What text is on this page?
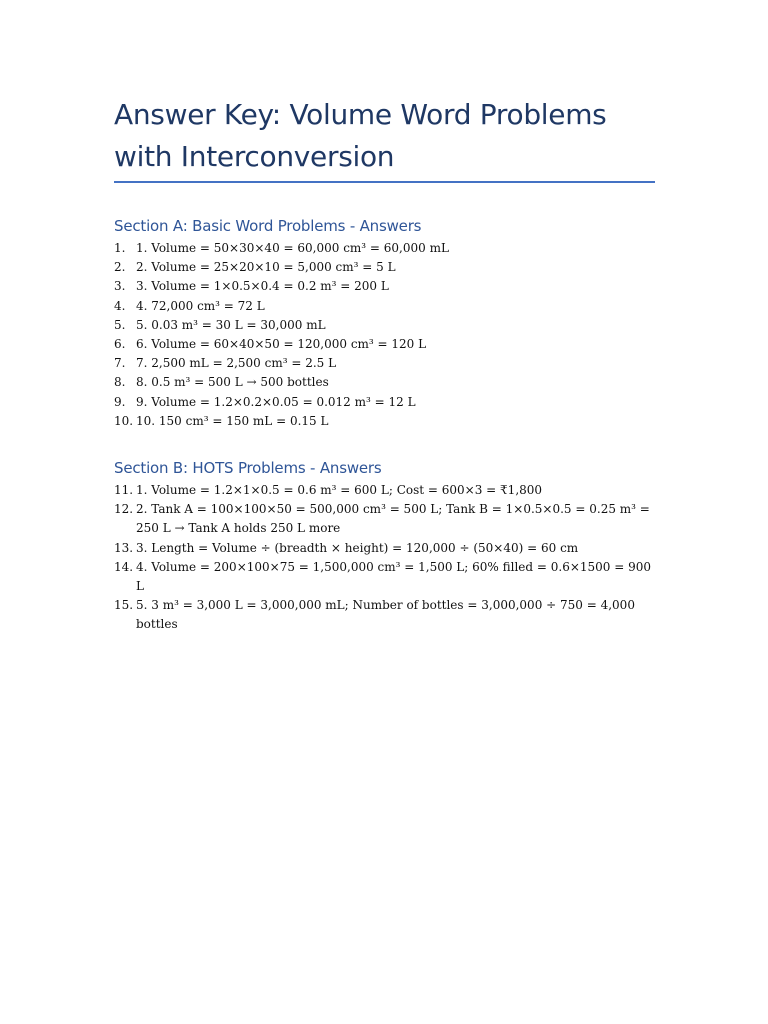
Answer Key: Volume Word Problems with Interconversion
Section A: Basic Word Problems - Answers
1. 1. Volume = 50×30×40 = 60,000 cm³ = 60,000 mL
2. 2. Volume = 25×20×10 = 5,000 cm³ = 5 L
3. 3. Volume = 1×0.5×0.4 = 0.2 m³ = 200 L
4. 4. 72,000 cm³ = 72 L
5. 5. 0.03 m³ = 30 L = 30,000 mL
6. 6. Volume = 60×40×50 = 120,000 cm³ = 120 L
7. 7. 2,500 mL = 2,500 cm³ = 2.5 L
8. 8. 0.5 m³ = 500 L → 500 bottles
9. 9. Volume = 1.2×0.2×0.05 = 0.012 m³ = 12 L
10. 10. 150 cm³ = 150 mL = 0.15 L
Section B: HOTS Problems - Answers
11. 1. Volume = 1.2×1×0.5 = 0.6 m³ = 600 L; Cost = 600×3 = ₹1,800
12. 2. Tank A = 100×100×50 = 500,000 cm³ = 500 L; Tank B = 1×0.5×0.5 = 0.25 m³ = 250 L → Tank A holds 250 L more
13. 3. Length = Volume ÷ (breadth × height) = 120,000 ÷ (50×40) = 60 cm
14. 4. Volume = 200×100×75 = 1,500,000 cm³ = 1,500 L; 60% filled = 0.6×1500 = 900 L
15. 5. 3 m³ = 3,000 L = 3,000,000 mL; Number of bottles = 3,000,000 ÷ 750 = 4,000 bottles
